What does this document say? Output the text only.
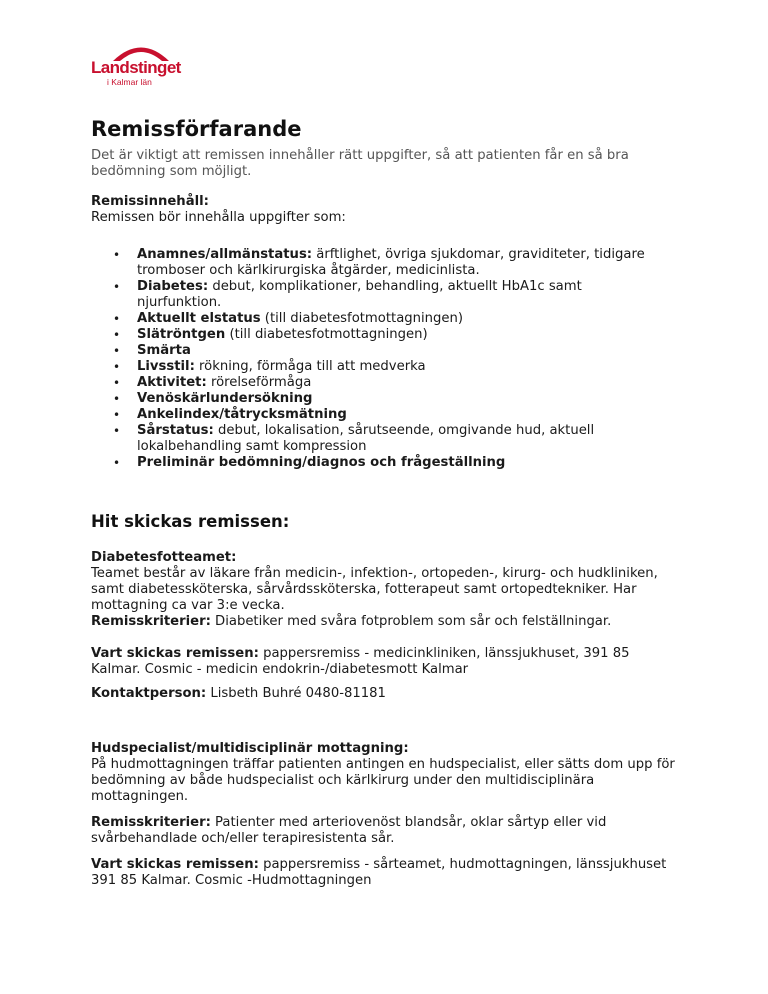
Landstinget
i Kalmar län
Remissförfarande

Det är viktigt att remissen innehåller rätt uppgifter, så att patienten får en så bra bedömning som möjligt.

Remissinnehåll:
Remissen bör innehålla uppgifter som:
• Anamnes/allmänstatus: ärftlighet, övriga sjukdomar, graviditeter, tidigare tromboser och kärlkirurgiska åtgärder, medicinlista.
• Diabetes: debut, komplikationer, behandling, aktuellt HbA1c samt njurfunktion.
• Aktuellt elstatus (till diabetesfotmottagningen)
• Slätröntgen (till diabetesfotmottagningen)
• Smärta
• Livsstil: rökning, förmåga till att medverka
• Aktivitet: rörelseförmåga
• Venöskärlundersökning
• Ankelindex/tåtrycksmätning
• Sårstatus: debut, lokalisation, sårutseende, omgivande hud, aktuell lokalbehandling samt kompression
• Preliminär bedömning/diagnos och frågeställning
Hit skickas remissen:
Diabetesfotteamet:
Teamet består av läkare från medicin-, infektion-, ortopeden-, kirurg- och hudkliniken, samt diabetessköterska, sårvårdssköterska, fotterapeut samt ortopedtekniker. Har mottagning ca var 3:e vecka.
Remisskriterier: Diabetiker med svåra fotproblem som sår och felställningar.
Vart skickas remissen: pappersremiss - medicinkliniken, länssjukhuset, 391 85 Kalmar. Cosmic - medicin endokrin-/diabetesmott Kalmar
Kontaktperson: Lisbeth Buhré 0480-81181
Hudspecialist/multidisciplinär mottagning:
På hudmottagningen träffar patienten antingen en hudspecialist, eller sätts dom upp för bedömning av både hudspecialist och kärlkirurg under den multidisciplinära mottagningen.
Remisskriterier: Patienter med arteriovenöst blandsår, oklar sårtyp eller vid svårbehandlade och/eller terapiresistenta sår.
Vart skickas remissen: pappersremiss - sårteamet, hudmottagningen, länssjukhuset 391 85 Kalmar. Cosmic -Hudmottagningen
